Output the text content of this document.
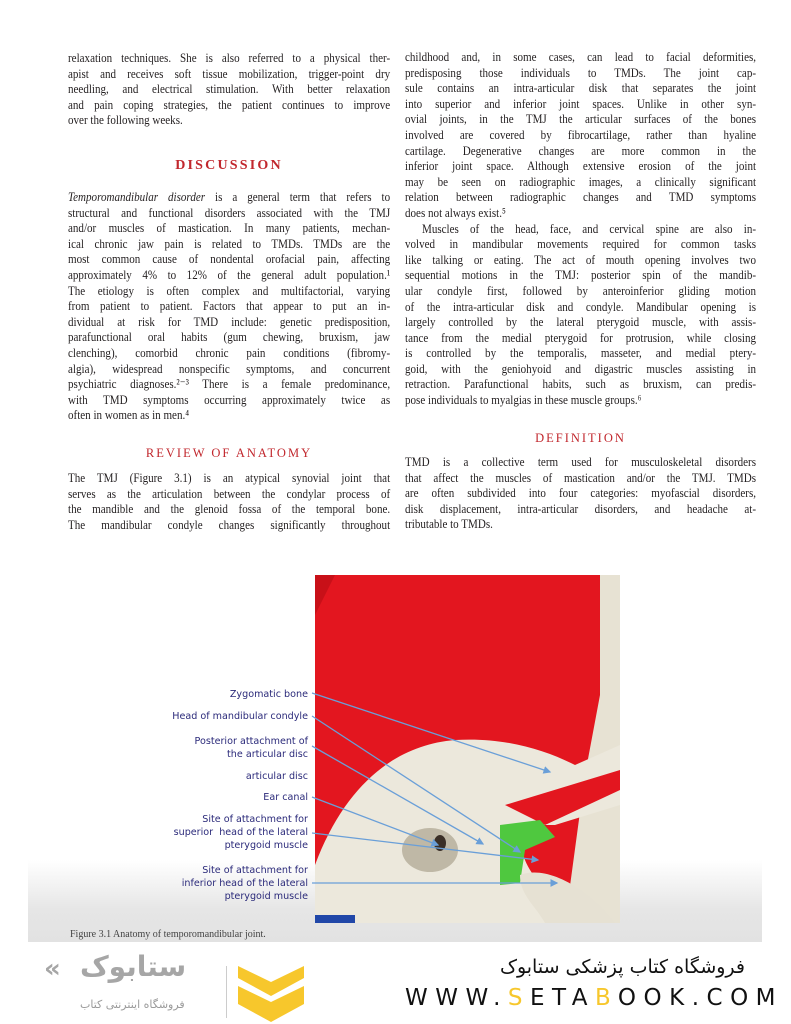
relaxation techniques. She is also referred to a physical ther-
apist and receives soft tissue mobilization, trigger-point dry
needling, and electrical stimulation. With better relaxation
and pain coping strategies, the patient continues to improve
over the following weeks.
DISCUSSION
Temporomandibular disorder is a general term that refers to
structural and functional disorders associated with the TMJ
and/or muscles of mastication. In many patients, mechan-
ical chronic jaw pain is related to TMDs. TMDs are the
most common cause of nondental orofacial pain, affecting
approximately 4% to 12% of the general adult population.¹
The etiology is often complex and multifactorial, varying
from patient to patient. Factors that appear to put an in-
dividual at risk for TMD include: genetic predisposition,
parafunctional oral habits (gum chewing, bruxism, jaw
clenching), comorbid chronic pain conditions (fibromy-
algia), widespread nonspecific symptoms, and concurrent
psychiatric diagnoses.²⁻³ There is a female predominance,
with TMD symptoms occurring approximately twice as
often in women as in men.⁴
REVIEW OF ANATOMY
The TMJ (Figure 3.1) is an atypical synovial joint that
serves as the articulation between the condylar process of
the mandible and the glenoid fossa of the temporal bone.
The mandibular condyle changes significantly throughout
childhood and, in some cases, can lead to facial deformities,
predisposing those individuals to TMDs. The joint cap-
sule contains an intra-articular disk that separates the joint
into superior and inferior joint spaces. Unlike in other syn-
ovial joints, in the TMJ the articular surfaces of the bones
involved are covered by fibrocartilage, rather than hyaline
cartilage. Degenerative changes are more common in the
inferior joint space. Although extensive erosion of the joint
may be seen on radiographic images, a clinically significant
relation between radiographic changes and TMD symptoms
does not always exist.⁵
Muscles of the head, face, and cervical spine are also in-
volved in mandibular movements required for common tasks
like talking or eating. The act of mouth opening involves two
sequential motions in the TMJ: posterior spin of the mandib-
ular condyle first, followed by anteroinferior gliding motion
of the intra-articular disk and condyle. Mandibular opening is
largely controlled by the lateral pterygoid muscle, with assis-
tance from the medial pterygoid for protrusion, while closing
is controlled by the temporalis, masseter, and medial ptery-
goid, with the geniohyoid and digastric muscles assisting in
retraction. Parafunctional habits, such as bruxism, can predis-
pose individuals to myalgias in these muscle groups.⁶
DEFINITION
TMD is a collective term used for musculoskeletal disorders
that affect the muscles of mastication and/or the TMJ. TMDs
are often subdivided into four categories: myofascial disorders,
disk displacement, intra-articular disorders, and headache at-
tributable to TMDs.
Zygomatic bone
Head of mandibular condyle
Posterior attachment of
the articular disc
articular disc
Ear canal
Site of attachment for
superior  head of the lateral
pterygoid muscle
Site of attachment for
inferior head of the lateral
pterygoid muscle
Figure 3.1 Anatomy of temporomandibular joint.
فروشگاه کتاب پزشکی ستابوک
« ستابوک
فروشگاه اینترنتی کتاب	WWW.SETABOOK.COM
